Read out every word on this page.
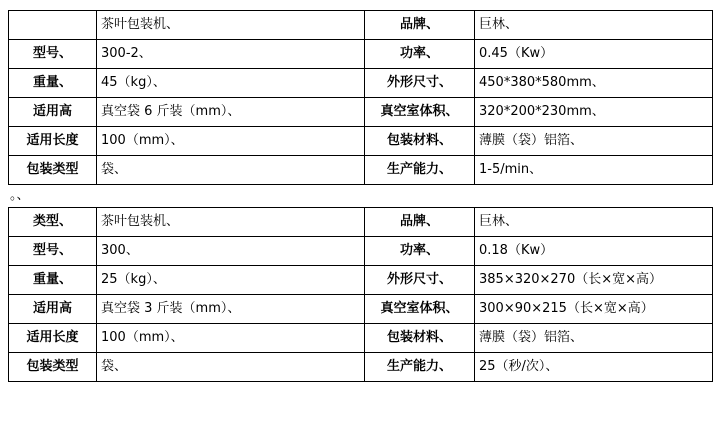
	茶叶包装机、	品牌、	巨林、
型号、	300-2、	功率、	0.45（Kw）
重量、	45（kg）、	外形尺寸、	450*380*580mm、
适用高	真空袋 6 斤装（mm）、	真空室体积、	320*200*230mm、
适用长度	100（mm）、	包装材料、	薄膜（袋）铝箔、
包装类型	袋、	生产能力、	1-5/min、
。、
类型、	茶叶包装机、	品牌、	巨林、
型号、	300、	功率、	0.18（Kw）
重量、	25（kg）、	外形尺寸、	385×320×270（长×宽×高）
适用高	真空袋 3 斤装（mm）、	真空室体积、	300×90×215（长×宽×高）
适用长度	100（mm）、	包装材料、	薄膜（袋）铝箔、
包装类型	袋、	生产能力、	25（秒/次）、
